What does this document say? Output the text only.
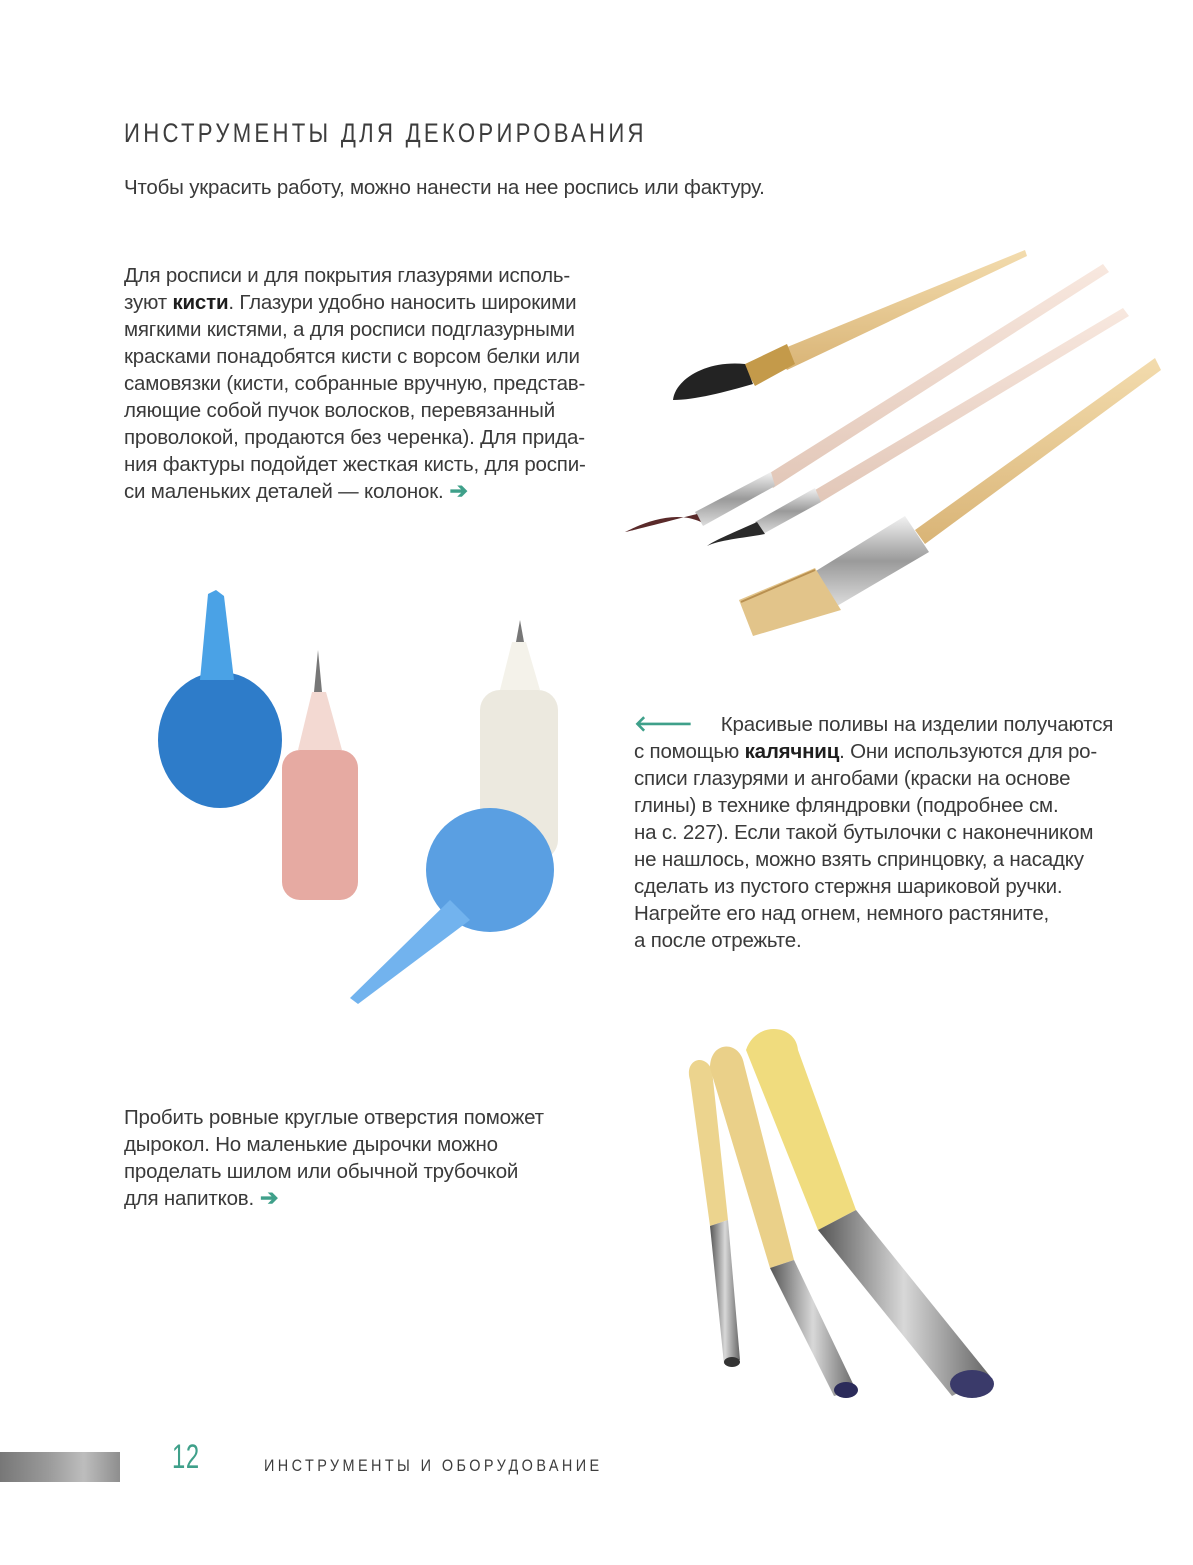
ИНСТРУМЕНТЫ ДЛЯ ДЕКОРИРОВАНИЯ

Чтобы украсить работу, можно нанести на нее роспись или фактуру.

Для росписи и для покрытия глазурями исполь-
зуют кисти. Глазури удобно наносить широкими
мягкими кистями, а для росписи подглазурными
красками понадобятся кисти с ворсом белки или
самовязки (кисти, собранные вручную, представ-
ляющие собой пучок волосков, перевязанный
проволокой, продаются без черенка). Для прида-
ния фактуры подойдет жесткая кисть, для роспи-
си маленьких деталей — колонок. ➔
🡐 Красивые поливы на изделии получаются
с помощью калячниц. Они используются для ро-
списи глазурями и ангобами (краски на основе
глины) в технике фляндровки (подробнее см.
на с. 227). Если такой бутылочки с наконечником
не нашлось, можно взять спринцовку, а насадку
сделать из пустого стержня шариковой ручки.
Нагрейте его над огнем, немного растяните,
а после отрежьте.
Пробить ровные круглые отверстия поможет
дырокол. Но маленькие дырочки можно
проделать шилом или обычной трубочкой
для напитков. ➔
12	ИНСТРУМЕНТЫ И ОБОРУДОВАНИЕ
